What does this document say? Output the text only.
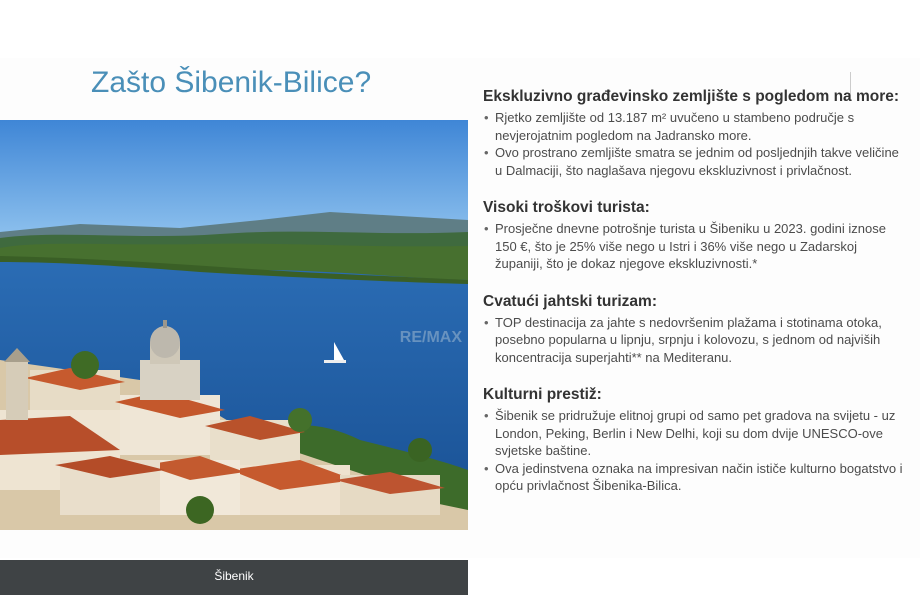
Zašto Šibenik-Bilice?
RE/MAX
Šibenik
Ekskluzivno građevinsko zemljište s pogledom na more:
• Rjetko zemljište od 13.187 m² uvučeno u stambeno područje s nevjerojatnim pogledom na Jadransko more.
• Ovo prostrano zemljište smatra se jednim od posljednjih takve veličine u Dalmaciji, što naglašava njegovu ekskluzivnost i privlačnost.
Visoki troškovi turista:
• Prosječne dnevne potrošnje turista u Šibeniku u 2023. godini iznose 150 €, što je 25% više nego u Istri i 36% više nego u Zadarskoj županiji, što je dokaz njegove ekskluzivnosti.*
Cvatući jahtski turizam:
• TOP destinacija za jahte s nedovršenim plažama i stotinama otoka, posebno popularna u lipnju, srpnju i kolovozu, s jednom od najviših koncentracija superjahti** na Mediteranu.
Kulturni prestiž:
• Šibenik se pridružuje elitnoj grupi od samo pet gradova na svijetu - uz London, Peking, Berlin i New Delhi, koji su dom dvije UNESCO-ove svjetske baštine.
• Ova jedinstvena oznaka na impresivan način ističe kulturno bogatstvo i opću privlačnost Šibenika-Bilica.
